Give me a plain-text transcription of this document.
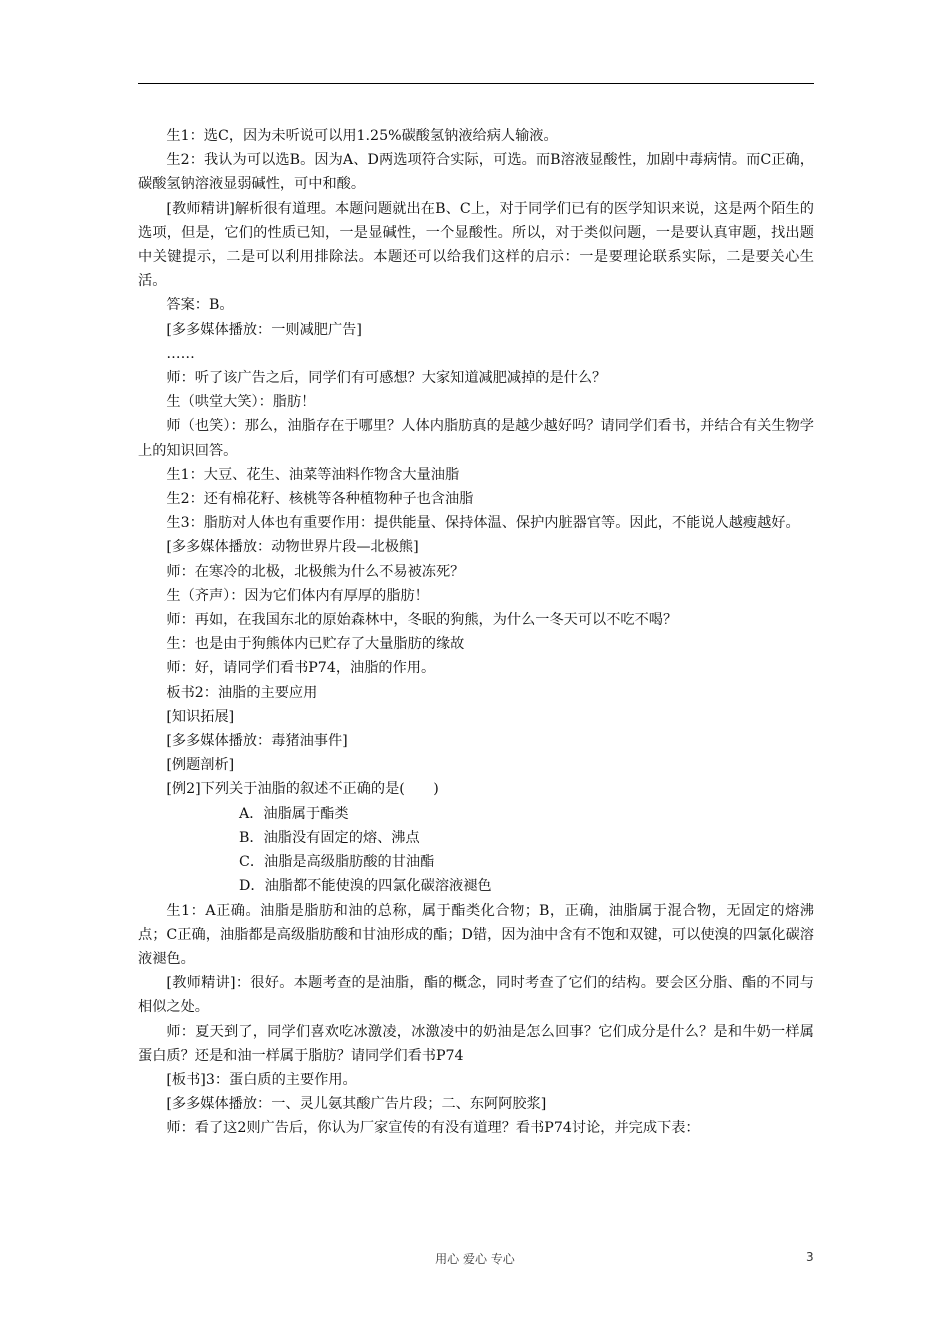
生1：选C，因为未听说可以用1.25%碳酸氢钠液给病人输液。

生2：我认为可以选B。因为A、D两选项符合实际，可选。而B溶液显酸性，加剧中毒病情。而C正确，碳酸氢钠溶液显弱碱性，可中和酸。

[教师精讲]解析很有道理。本题问题就出在B、C上，对于同学们已有的医学知识来说，这是两个陌生的选项，但是，它们的性质已知，一是显碱性，一个显酸性。所以，对于类似问题，一是要认真审题，找出题中关键提示，二是可以利用排除法。本题还可以给我们这样的启示：一是要理论联系实际，二是要关心生活。

答案：B。

[多多媒体播放：一则减肥广告]

……

师：听了该广告之后，同学们有可感想？大家知道减肥减掉的是什么？

生（哄堂大笑）：脂肪！

师（也笑）：那么，油脂存在于哪里？人体内脂肪真的是越少越好吗？请同学们看书，并结合有关生物学上的知识回答。

生1：大豆、花生、油菜等油料作物含大量油脂

生2：还有棉花籽、核桃等各种植物种子也含油脂

生3：脂肪对人体也有重要作用：提供能量、保持体温、保护内脏器官等。因此，不能说人越瘦越好。

[多多媒体播放：动物世界片段—北极熊]

师：在寒冷的北极，北极熊为什么不易被冻死？

生（齐声）：因为它们体内有厚厚的脂肪！

师：再如，在我国东北的原始森林中，冬眠的狗熊，为什么一冬天可以不吃不喝？

生：也是由于狗熊体内已贮存了大量脂肪的缘故

师：好，请同学们看书P74，油脂的作用。

板书2：油脂的主要应用

[知识拓展]

[多多媒体播放：毒猪油事件]

[例题剖析]

[例2]下列关于油脂的叙述不正确的是(　　)

A．油脂属于酯类

B．油脂没有固定的熔、沸点

C．油脂是高级脂肪酸的甘油酯

D．油脂都不能使溴的四氯化碳溶液褪色

生1：A正确。油脂是脂肪和油的总称，属于酯类化合物；B，正确，油脂属于混合物，无固定的熔沸点；C正确，油脂都是高级脂肪酸和甘油形成的酯；D错，因为油中含有不饱和双键，可以使溴的四氯化碳溶液褪色。

[教师精讲]：很好。本题考查的是油脂，酯的概念，同时考查了它们的结构。要会区分脂、酯的不同与相似之处。

师：夏天到了，同学们喜欢吃冰激凌，冰激凌中的奶油是怎么回事？它们成分是什么？是和牛奶一样属蛋白质？还是和油一样属于脂肪？请同学们看书P74

[板书]3：蛋白质的主要作用。

[多多媒体播放：一、灵儿氨其酸广告片段；二、东阿阿胶浆]

师：看了这2则广告后，你认为厂家宣传的有没有道理？看书P74讨论，并完成下表：

用心 爱心 专心	3
